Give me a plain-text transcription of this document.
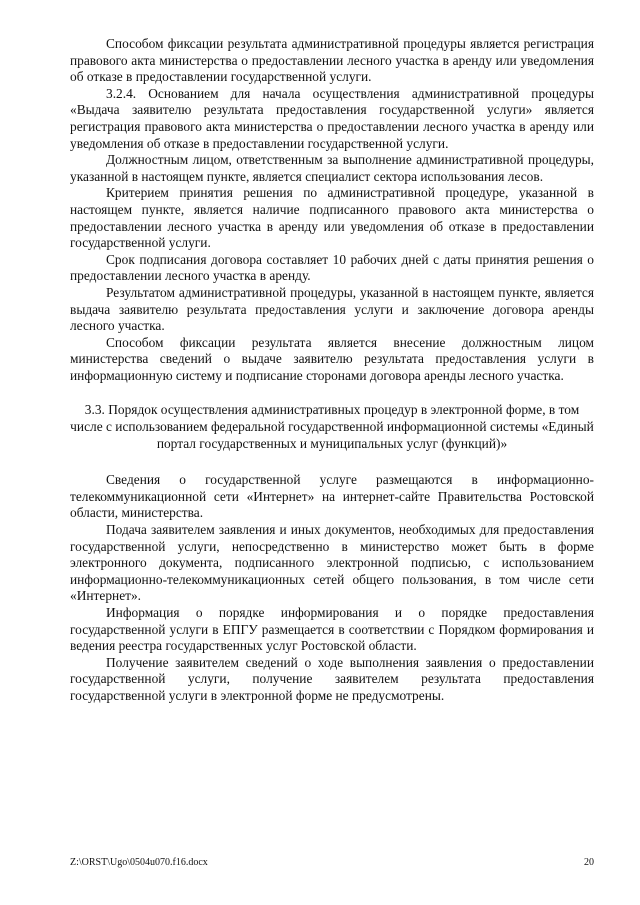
Способом фиксации результата административной процедуры является регистрация правового акта министерства о предоставлении лесного участка в аренду или уведомления об отказе в предоставлении государственной услуги.

3.2.4. Основанием для начала осуществления административной процедуры «Выдача заявителю результата предоставления государственной услуги» является регистрация правового акта министерства о предоставлении лесного участка в аренду или уведомления об отказе в предоставлении государственной услуги.

Должностным лицом, ответственным за выполнение административной процедуры, указанной в настоящем пункте, является специалист сектора использования лесов.

Критерием принятия решения по административной процедуре, указанной в настоящем пункте, является наличие подписанного правового акта министерства о предоставлении лесного участка в аренду или уведомления об отказе в предоставлении государственной услуги.

Срок подписания договора составляет 10 рабочих дней с даты принятия решения о предоставлении лесного участка в аренду.

Результатом административной процедуры, указанной в настоящем пункте, является выдача заявителю результата предоставления услуги и заключение договора аренды лесного участка.

Способом фиксации результата является внесение должностным лицом министерства сведений о выдаче заявителю результата предоставления услуги в информационную систему и подписание сторонами договора аренды лесного участка.

3.3. Порядок осуществления административных процедур в электронной форме, в том числе с использованием федеральной государственной информационной системы «Единый портал государственных и муниципальных услуг (функций)»

Сведения о государственной услуге размещаются в информационно-телекоммуникационной сети «Интернет» на интернет-сайте Правительства Ростовской области, министерства.

Подача заявителем заявления и иных документов, необходимых для предоставления государственной услуги, непосредственно в министерство может быть в форме электронного документа, подписанного электронной подписью, с использованием информационно-телекоммуникационных сетей общего пользования, в том числе сети «Интернет».

Информация о порядке информирования и о порядке предоставления государственной услуги в ЕПГУ размещается в соответствии с Порядком формирования и ведения реестра государственных услуг Ростовской области.

Получение заявителем сведений о ходе выполнения заявления о предоставлении государственной услуги, получение заявителем результата предоставления государственной услуги в электронной форме не предусмотрены.

Z:\ORST\Ugo\0504u070.f16.docx	20
